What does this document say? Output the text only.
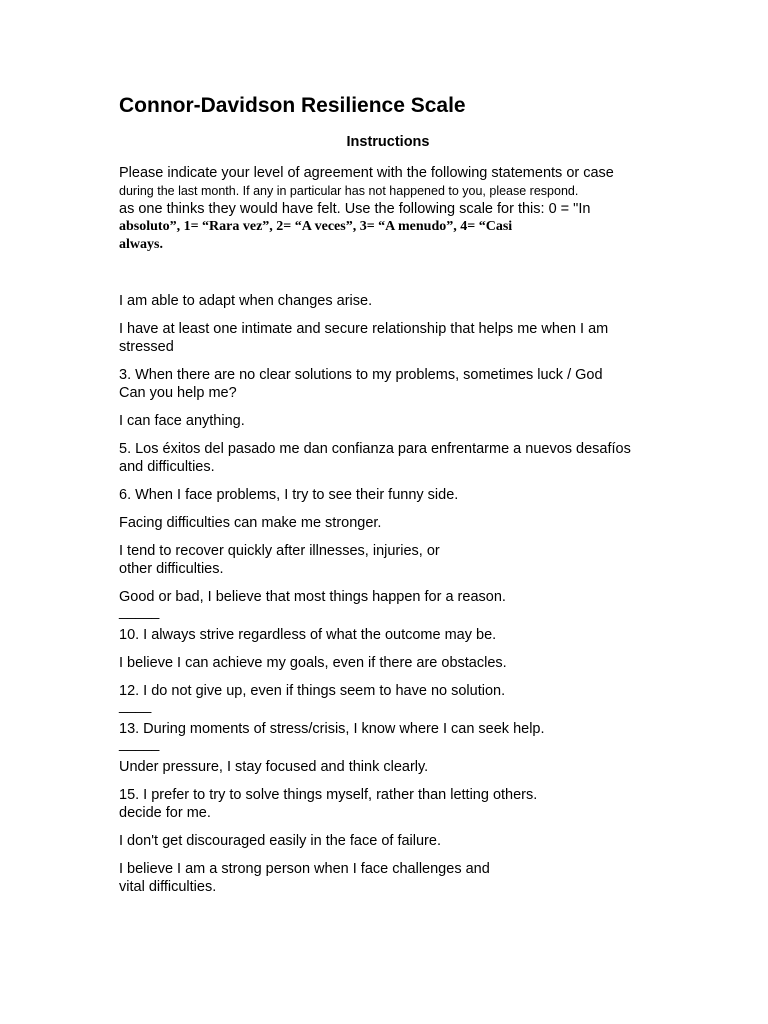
Connor-Davidson Resilience Scale
Instructions
Please indicate your level of agreement with the following statements or case
during the last month. If any in particular has not happened to you, please respond.
as one thinks they would have felt. Use the following scale for this: 0 = "In
absoluto”, 1= “Rara vez”, 2= “A veces”, 3= “A menudo”, 4= “Casi
always.
I am able to adapt when changes arise.
I have at least one intimate and secure relationship that helps me when I am
stressed
3. When there are no clear solutions to my problems, sometimes luck / God
Can you help me?
I can face anything.
5. Los éxitos del pasado me dan confianza para enfrentarme a nuevos desafíos
and difficulties.
6. When I face problems, I try to see their funny side.
Facing difficulties can make me stronger.
I tend to recover quickly after illnesses, injuries, or
other difficulties.
Good or bad, I believe that most things happen for a reason.
_____
10. I always strive regardless of what the outcome may be.
I believe I can achieve my goals, even if there are obstacles.
12. I do not give up, even if things seem to have no solution.
____
13. During moments of stress/crisis, I know where I can seek help.
_____
Under pressure, I stay focused and think clearly.
15. I prefer to try to solve things myself, rather than letting others.
decide for me.
I don't get discouraged easily in the face of failure.
I believe I am a strong person when I face challenges and
vital difficulties.
